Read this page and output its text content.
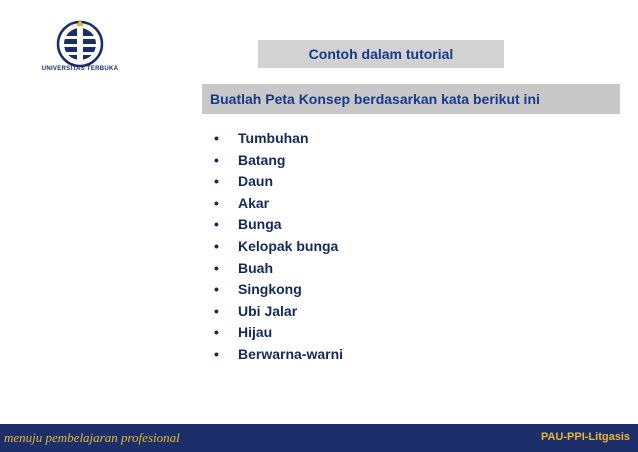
UNIVERSITAS TERBUKA
Contoh dalam tutorial
Buatlah Peta Konsep berdasarkan kata berikut ini
•	Tumbuhan
•	Batang
•	Daun
•	Akar
•	Bunga
•	Kelopak bunga
•	Buah
•	Singkong
•	Ubi Jalar
•	Hijau
•	Berwarna-warni
menuju pembelajaran profesional	PAU-PPI-Litgasis
